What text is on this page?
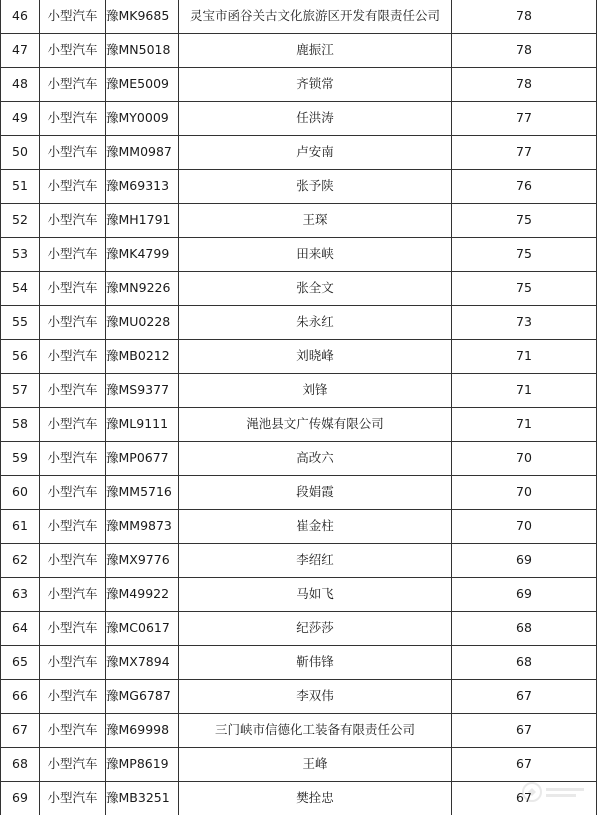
46	小型汽车	豫MK9685	灵宝市函谷关古文化旅游区开发有限责任公司	78
47	小型汽车	豫MN5018	鹿振江	78
48	小型汽车	豫ME5009	齐锁常	78
49	小型汽车	豫MY0009	任洪涛	77
50	小型汽车	豫MM0987	卢安南	77
51	小型汽车	豫M69313	张予陕	76
52	小型汽车	豫MH1791	王琛	75
53	小型汽车	豫MK4799	田来峡	75
54	小型汽车	豫MN9226	张全文	75
55	小型汽车	豫MU0228	朱永红	73
56	小型汽车	豫MB0212	刘晓峰	71
57	小型汽车	豫MS9377	刘锋	71
58	小型汽车	豫ML9111	渑池县文广传媒有限公司	71
59	小型汽车	豫MP0677	高改六	70
60	小型汽车	豫MM5716	段娟霞	70
61	小型汽车	豫MM9873	崔金柱	70
62	小型汽车	豫MX9776	李绍红	69
63	小型汽车	豫M49922	马如飞	69
64	小型汽车	豫MC0617	纪莎莎	68
65	小型汽车	豫MX7894	靳伟锋	68
66	小型汽车	豫MG6787	李双伟	67
67	小型汽车	豫M69998	三门峡市信德化工装备有限责任公司	67
68	小型汽车	豫MP8619	王峰	67
69	小型汽车	豫MB3251	樊拴忠	67
